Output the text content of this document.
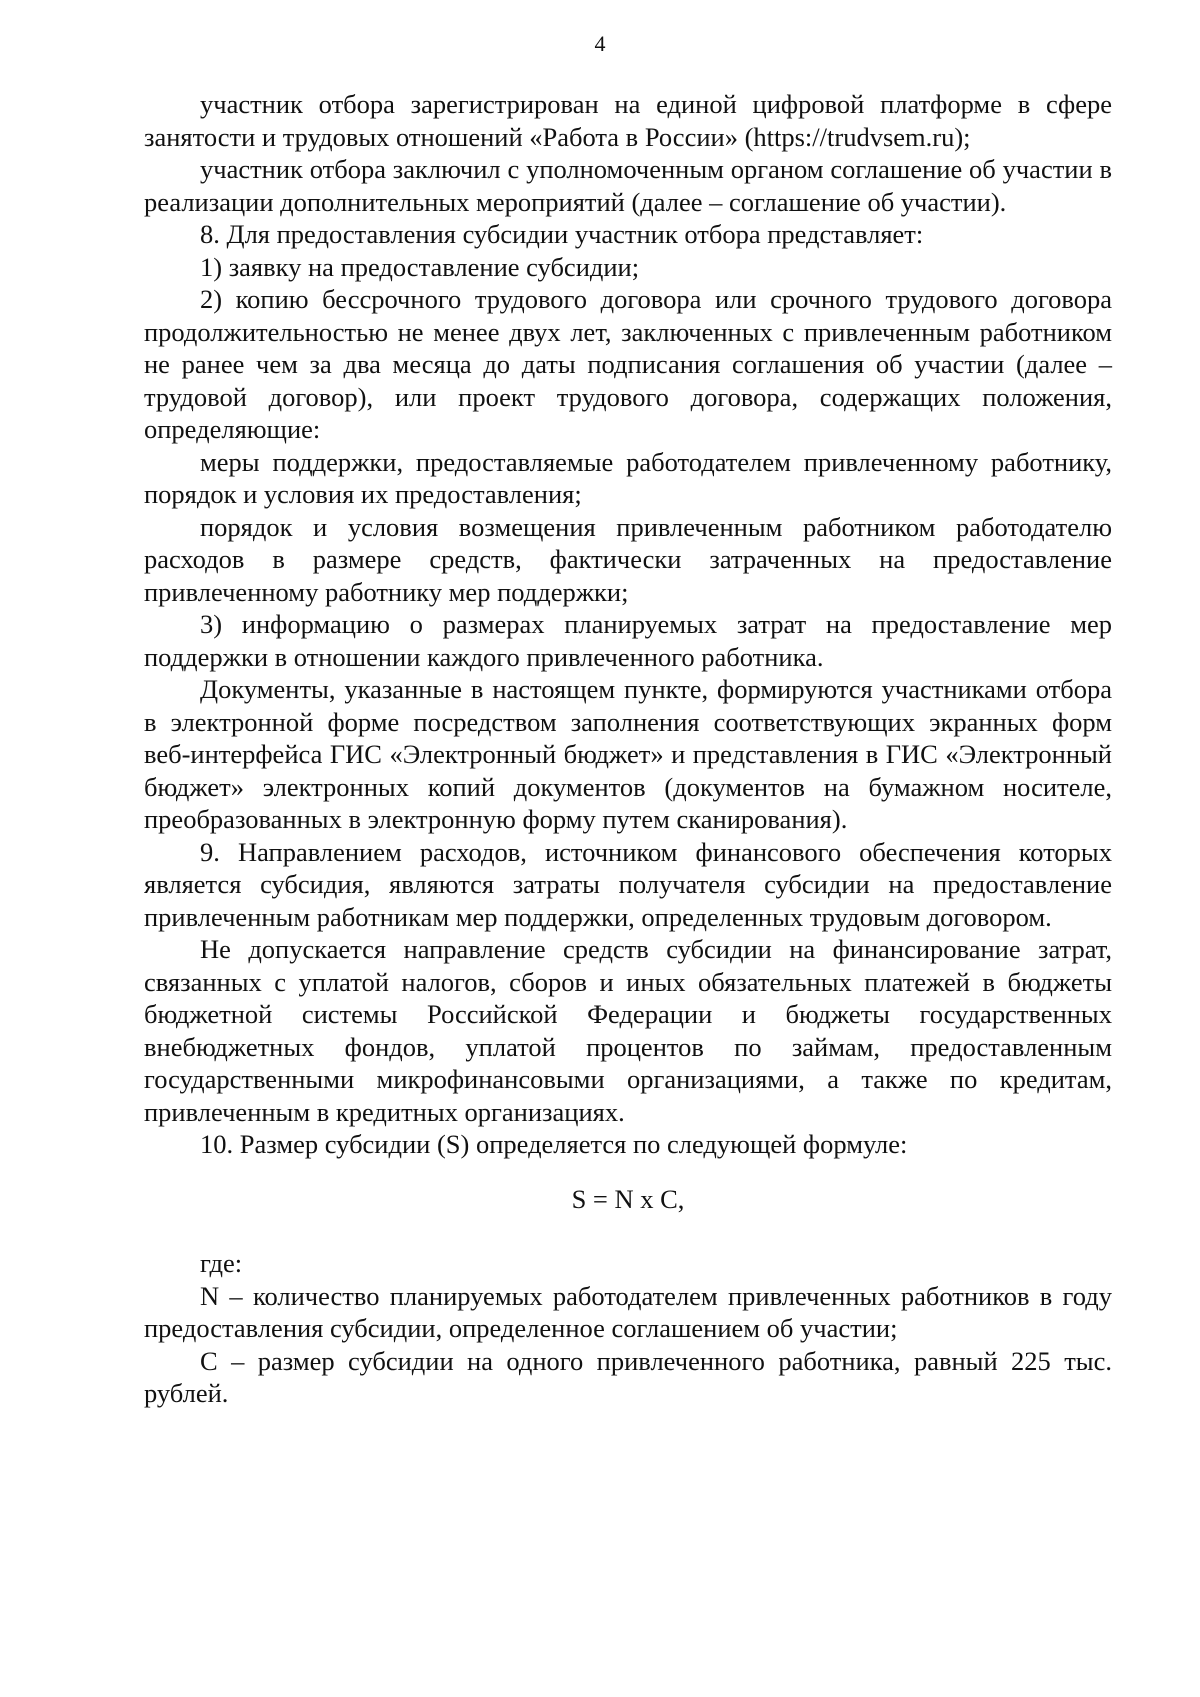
4

участник отбора зарегистрирован на единой цифровой платформе в сфере занятости и трудовых отношений «Работа в России» (https://trudvsem.ru);

участник отбора заключил с уполномоченным органом соглашение об участии в реализации дополнительных мероприятий (далее – соглашение об участии).

8. Для предоставления субсидии участник отбора представляет:

1) заявку на предоставление субсидии;

2) копию бессрочного трудового договора или срочного трудового договора продолжительностью не менее двух лет, заключенных с привлеченным работником не ранее чем за два месяца до даты подписания соглашения об участии (далее – трудовой договор), или проект трудового договора, содержащих положения, определяющие:

меры поддержки, предоставляемые работодателем привлеченному работнику, порядок и условия их предоставления;

порядок и условия возмещения привлеченным работником работодателю расходов в размере средств, фактически затраченных на предоставление привлеченному работнику мер поддержки;

3) информацию о размерах планируемых затрат на предоставление мер поддержки в отношении каждого привлеченного работника.

Документы, указанные в настоящем пункте, формируются участниками отбора в электронной форме посредством заполнения соответствующих экранных форм веб-интерфейса ГИС «Электронный бюджет» и представления в ГИС «Электронный бюджет» электронных копий документов (документов на бумажном носителе, преобразованных в электронную форму путем сканирования).

9. Направлением расходов, источником финансового обеспечения которых является субсидия, являются затраты получателя субсидии на предоставление привлеченным работникам мер поддержки, определенных трудовым договором.

Не допускается направление средств субсидии на финансирование затрат, связанных с уплатой налогов, сборов и иных обязательных платежей в бюджеты бюджетной системы Российской Федерации и бюджеты государственных внебюджетных фондов, уплатой процентов по займам, предоставленным государственными микрофинансовыми организациями, а также по кредитам, привлеченным в кредитных организациях.

10. Размер субсидии (S) определяется по следующей формуле:

S = N x C,

где:

N – количество планируемых работодателем привлеченных работников в году предоставления субсидии, определенное соглашением об участии;

C – размер субсидии на одного привлеченного работника, равный 225 тыс. рублей.
